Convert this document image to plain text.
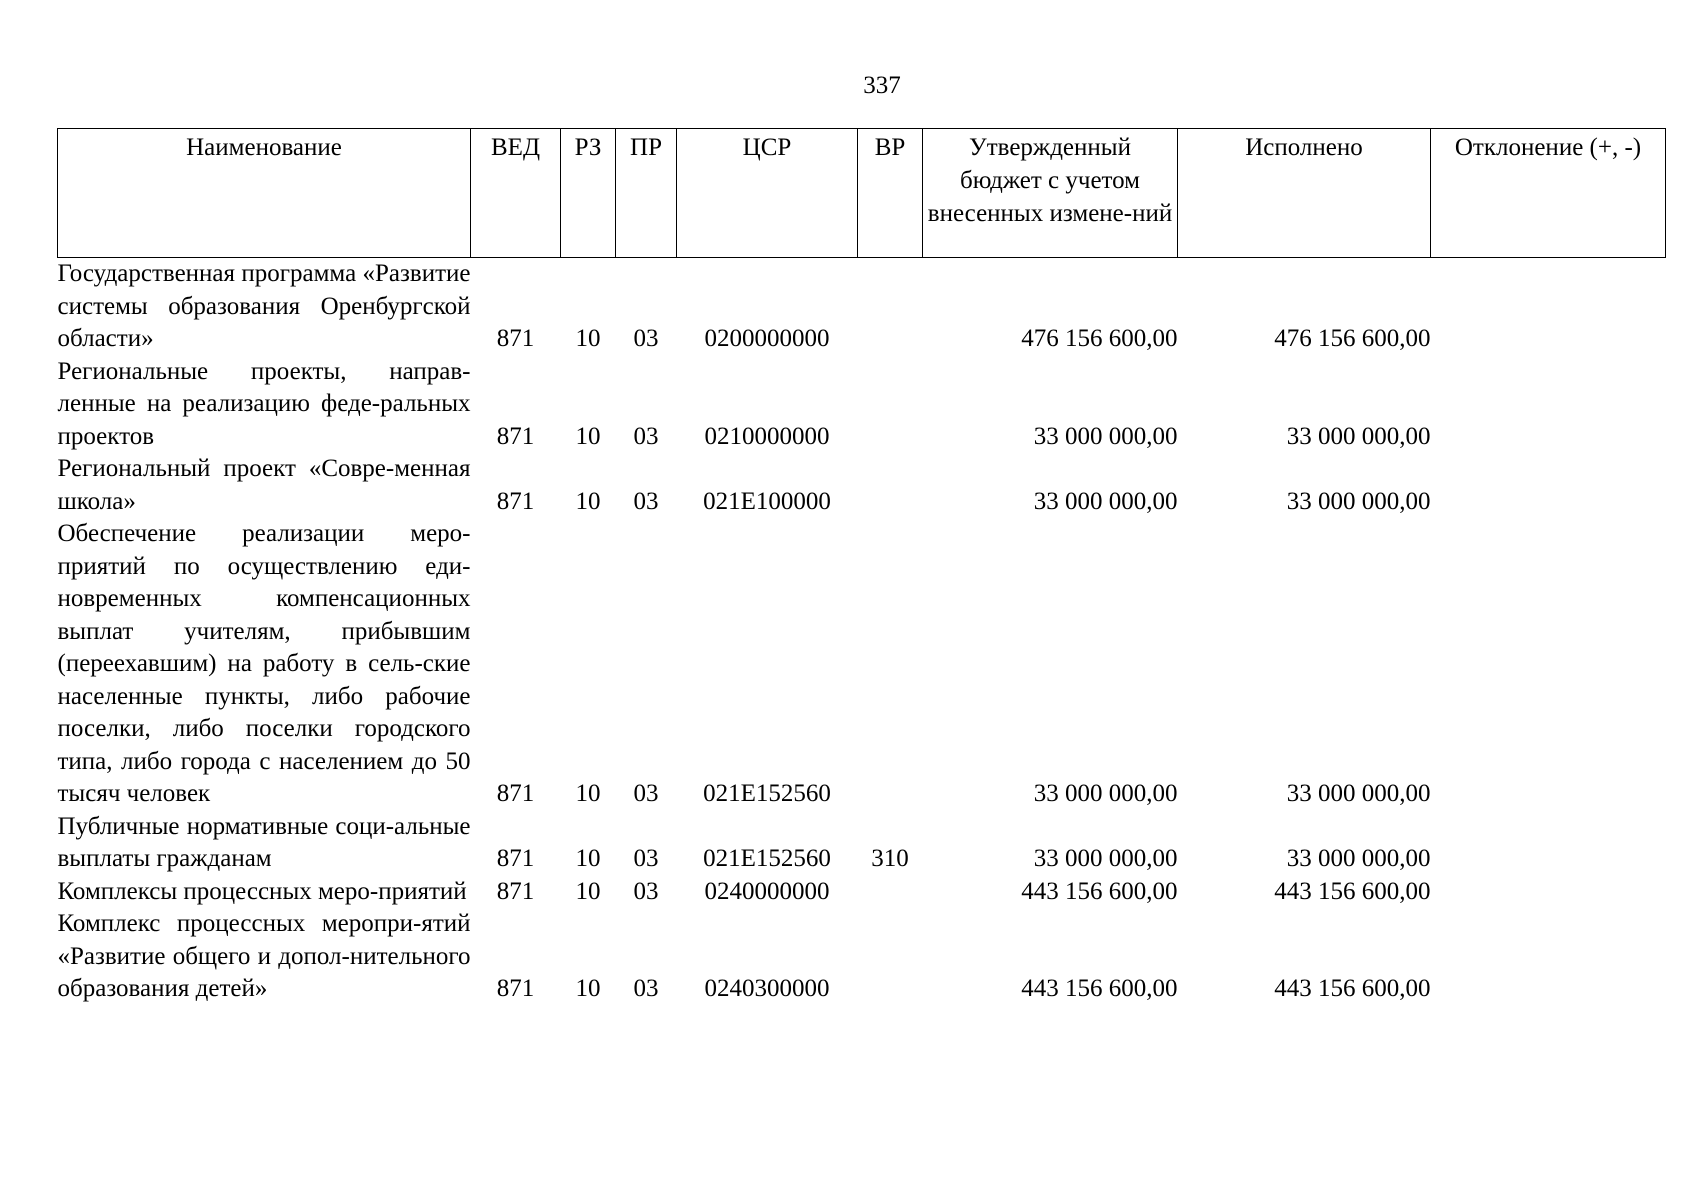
337
Наименование	ВЕД	РЗ	ПР	ЦСР	ВР	Утвержденный бюджет с учетом внесенных измене-ний	Исполнено	Отклонение (+, -)
Государственная программа «Развитие системы образования Оренбургской области»	871	10	03	0200000000		476 156 600,00	476 156 600,00	
Региональные проекты, направ-ленные на реализацию феде-ральных проектов	871	10	03	0210000000		33 000 000,00	33 000 000,00	
Региональный проект «Совре-менная школа»	871	10	03	021E100000		33 000 000,00	33 000 000,00	
Обеспечение реализации меро-приятий по осуществлению еди-новременных компенсационных выплат учителям, прибывшим (переехавшим) на работу в сель-ские населенные пункты, либо рабочие поселки, либо поселки городского типа, либо города с населением до 50 тысяч человек	871	10	03	021E152560		33 000 000,00	33 000 000,00	
Публичные нормативные соци-альные выплаты гражданам	871	10	03	021E152560	310	33 000 000,00	33 000 000,00	
Комплексы процессных меро-приятий	871	10	03	0240000000		443 156 600,00	443 156 600,00	
Комплекс процессных меропри-ятий «Развитие общего и допол-нительного образования детей»	871	10	03	0240300000		443 156 600,00	443 156 600,00	
